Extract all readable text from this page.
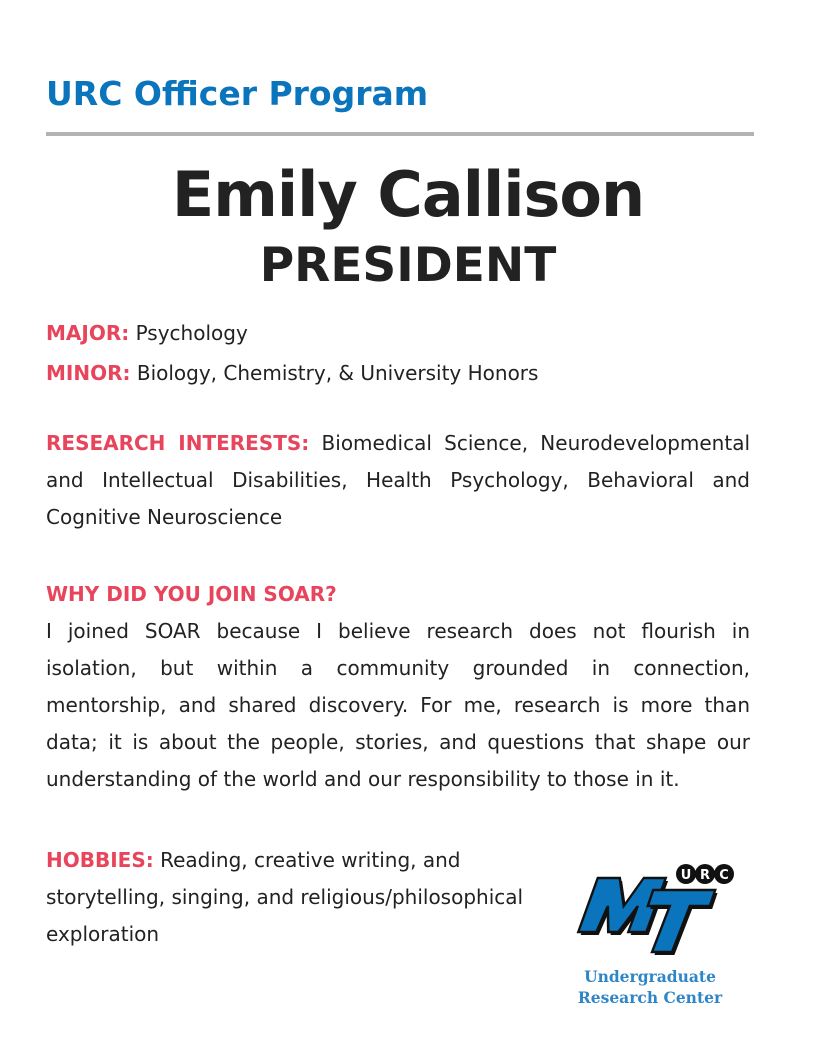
URC Officer Program
Emily Callison
PRESIDENT
MAJOR: Psychology
MINOR: Biology, Chemistry, & University Honors
RESEARCH INTERESTS: Biomedical Science, Neurodevelopmental and Intellectual Disabilities, Health Psychology, Behavioral and Cognitive Neuroscience
WHY DID YOU JOIN SOAR?
I joined SOAR because I believe research does not flourish in isolation, but within a community grounded in connection, mentorship, and shared discovery. For me, research is more than data; it is about the people, stories, and questions that shape our understanding of the world and our responsibility to those in it.
HOBBIES: Reading, creative writing, and storytelling, singing, and religious/philosophical exploration
U R C
Undergraduate
Research Center
